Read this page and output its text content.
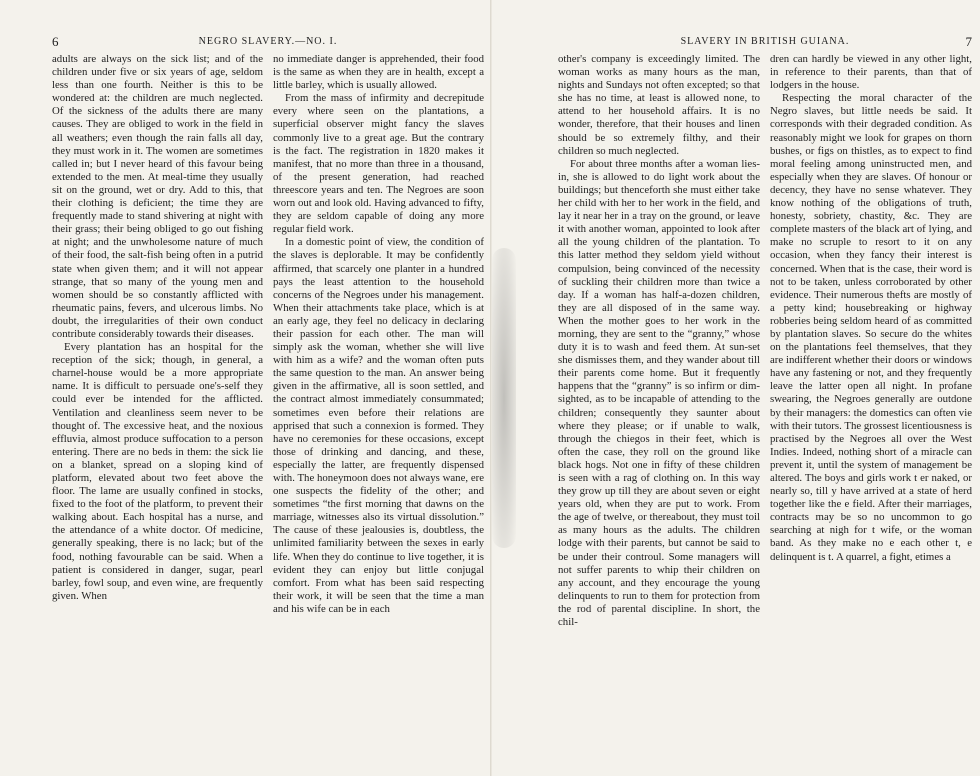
6	NEGRO SLAVERY.—NO. I.

adults are always on the sick list; and of the children under five or six years of age, seldom less than one fourth. Neither is this to be wondered at: the children are much neglected. Of the sickness of the adults there are many causes. They are obliged to work in the field in all weathers; even though the rain falls all day, they must work in it. The women are sometimes called in; but I never heard of this favour being extended to the men. At meal-time they usually sit on the ground, wet or dry. Add to this, that their clothing is deficient; the time they are frequently made to stand shivering at night with their grass; their being obliged to go out fishing at night; and the unwholesome nature of much of their food, the salt-fish being often in a putrid state when given them; and it will not appear strange, that so many of the young men and women should be so constantly afflicted with rheumatic pains, fevers, and ulcerous limbs. No doubt, the irregularities of their own conduct contribute considerably towards their diseases.

Every plantation has an hospital for the reception of the sick; though, in general, a charnel-house would be a more appropriate name. It is difficult to persuade one's-self they could ever be intended for the afflicted. Ventilation and cleanliness seem never to be thought of. The excessive heat, and the noxious effluvia, almost produce suffocation to a person entering. There are no beds in them: the sick lie on a blanket, spread on a sloping kind of platform, elevated about two feet above the floor. The lame are usually confined in stocks, fixed to the foot of the platform, to prevent their walking about. Each hospital has a nurse, and the attendance of a white doctor. Of medicine, generally speaking, there is no lack; but of the food, nothing favourable can be said. When a patient is considered in danger, sugar, pearl barley, fowl soup, and even wine, are frequently given. When

no immediate danger is apprehended, their food is the same as when they are in health, except a little barley, which is usually allowed.

From the mass of infirmity and decrepitude every where seen on the plantations, a superficial observer might fancy the slaves commonly live to a great age. But the contrary is the fact. The registration in 1820 makes it manifest, that no more than three in a thousand, of the present generation, had reached threescore years and ten. The Negroes are soon worn out and look old. Having advanced to fifty, they are seldom capable of doing any more regular field work.

In a domestic point of view, the condition of the slaves is deplorable. It may be confidently affirmed, that scarcely one planter in a hundred pays the least attention to the household concerns of the Negroes under his management. When their attachments take place, which is at an early age, they feel no delicacy in declaring their passion for each other. The man will simply ask the woman, whether she will live with him as a wife? and the woman often puts the same question to the man. An answer being given in the affirmative, all is soon settled, and the contract almost immediately consummated; sometimes even before their relations are apprised that such a connexion is formed. They have no ceremonies for these occasions, except those of drinking and dancing, and these, especially the latter, are frequently dispensed with. The honeymoon does not always wane, ere one suspects the fidelity of the other; and sometimes “the first morning that dawns on the marriage, witnesses also its virtual dissolution.” The cause of these jealousies is, doubtless, the unlimited familiarity between the sexes in early life. When they do continue to live together, it is evident they can enjoy but little conjugal comfort. From what has been said respecting their work, it will be seen that the time a man and his wife can be in each

SLAVERY IN BRITISH GUIANA.	7

other's company is exceedingly limited. The woman works as many hours as the man, nights and Sundays not often excepted; so that she has no time, at least is allowed none, to attend to her household affairs. It is no wonder, therefore, that their houses and linen should be so extremely filthy, and their children so much neglected.

For about three months after a woman lies-in, she is allowed to do light work about the buildings; but thenceforth she must either take her child with her to her work in the field, and lay it near her in a tray on the ground, or leave it with another woman, appointed to look after all the young children of the plantation. To this latter method they seldom yield without compulsion, being convinced of the necessity of suckling their children more than twice a day. If a woman has half-a-dozen children, they are all disposed of in the same way. When the mother goes to her work in the morning, they are sent to the “granny,” whose duty it is to wash and feed them. At sun-set she dismisses them, and they wander about till their parents come home. But it frequently happens that the “granny” is so infirm or dim-sighted, as to be incapable of attending to the children; consequently they saunter about where they please; or if unable to walk, through the chiegos in their feet, which is often the case, they roll on the ground like black hogs. Not one in fifty of these children is seen with a rag of clothing on. In this way they grow up till they are about seven or eight years old, when they are put to work. From the age of twelve, or thereabout, they must toil as many hours as the adults. The children lodge with their parents, but cannot be said to be under their controul. Some managers will not suffer parents to whip their children on any account, and they encourage the young delinquents to run to them for protection from the rod of parental discipline. In short, the chil-

dren can hardly be viewed in any other light, in reference to their parents, than that of lodgers in the house.

Respecting the moral character of the Negro slaves, but little needs be said. It corresponds with their degraded condition. As reasonably might we look for grapes on thorn bushes, or figs on thistles, as to expect to find moral feeling among uninstructed men, and especially when they are slaves. Of honour or decency, they have no sense whatever. They know nothing of the obligations of truth, honesty, sobriety, chastity, &c. They are complete masters of the black art of lying, and make no scruple to resort to it on any occasion, when they fancy their interest is concerned. When that is the case, their word is not to be taken, unless corroborated by other evidence. Their numerous thefts are mostly of a petty kind; housebreaking or highway robberies being seldom heard of as committed by plantation slaves. So secure do the whites on the plantations feel themselves, that they are indifferent whether their doors or windows have any fastening or not, and they frequently leave the latter open all night. In profane swearing, the Negroes generally are outdone by their managers: the domestics can often vie with their tutors. The grossest licentiousness is practised by the Negroes all over the West Indies. Indeed, nothing short of a miracle can prevent it, until the system of management be altered. The boys and girls work t er naked, or nearly so, till y have arrived at a state of herd together like the e field. After their marriages, contracts may be so no uncommon to go searching at nigh for t wife, or the woman band. As they make no e each other t, e delinquent is t. A quarrel, a fight, etimes a
